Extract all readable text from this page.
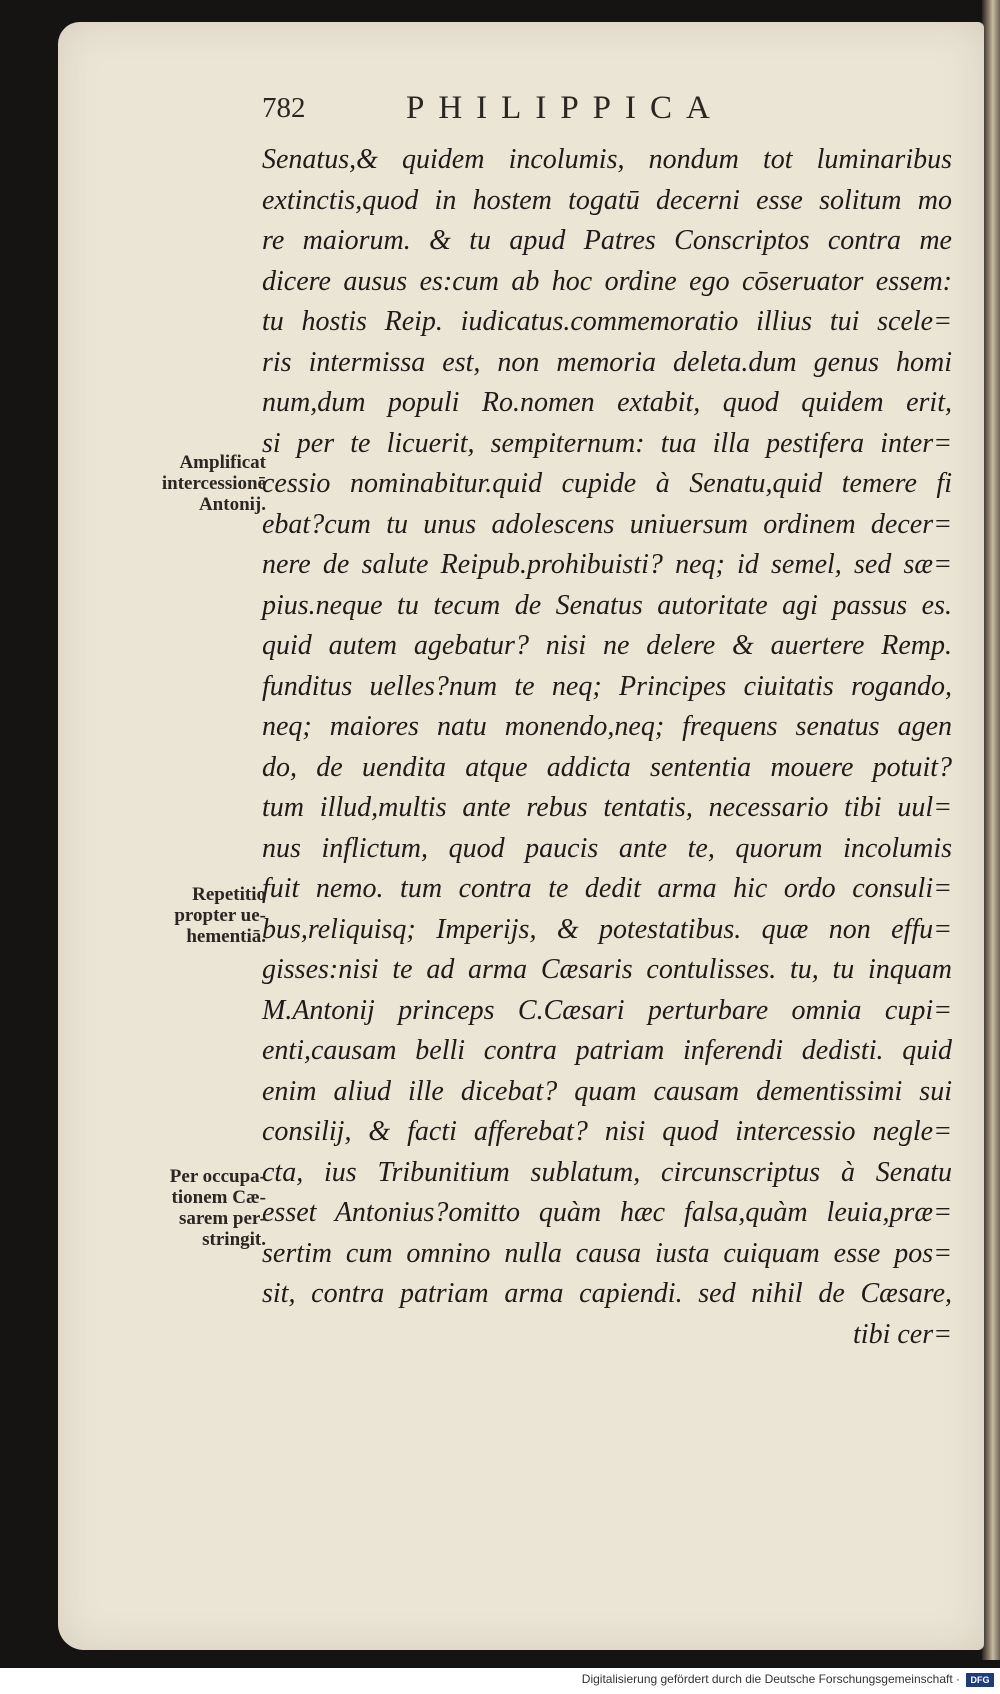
782	PHILIPPICA
Senatus,& quidem incolumis, nondum tot luminaribus
extinctis,quod in hostem togatū decerni esse solitum mo
re maiorum. & tu apud Patres Conscriptos contra me
dicere ausus es:cum ab hoc ordine ego cōseruator essem:
tu hostis Reip. iudicatus.commemoratio illius tui scele=
ris intermissa est, non memoria deleta.dum genus homi
num,dum populi Ro.nomen extabit, quod quidem erit,
si per te licuerit, sempiternum: tua illa pestifera inter=
cessio nominabitur.quid cupide à Senatu,quid temere fi
ebat?cum tu unus adolescens uniuersum ordinem decer=
nere de salute Reipub.prohibuisti? neq; id semel, sed sæ=
pius.neque tu tecum de Senatus autoritate agi passus es.
quid autem agebatur? nisi ne delere & auertere Remp.
funditus uelles?num te neq; Principes ciuitatis rogando,
neq; maiores natu monendo,neq; frequens senatus agen
do, de uendita atque addicta sententia mouere potuit?
tum illud,multis ante rebus tentatis, necessario tibi uul=
nus inflictum, quod paucis ante te, quorum incolumis
fuit nemo. tum contra te dedit arma hic ordo consuli=
bus,reliquisq; Imperijs, & potestatibus. quæ non effu=
gisses:nisi te ad arma Cæsaris contulisses. tu, tu inquam
M.Antonij princeps C.Cæsari perturbare omnia cupi=
enti,causam belli contra patriam inferendi dedisti. quid
enim aliud ille dicebat? quam causam dementissimi sui
consilij, & facti afferebat? nisi quod intercessio negle=
cta, ius Tribunitium sublatum, circunscriptus à Senatu
esset Antonius?omitto quàm hæc falsa,quàm leuia,præ=
sertim cum omnino nulla causa iusta cuiquam esse pos=
sit, contra patriam arma capiendi. sed nihil de Cæsare,
tibi cer=
Amplificat
intercessionē
Antonij.
Repetitio
propter ue-
hementiā.
Per occupa-
tionem Cæ-
sarem per-
stringit.
Digitalisierung gefördert durch die Deutsche Forschungsgemeinschaft ·	DFG
